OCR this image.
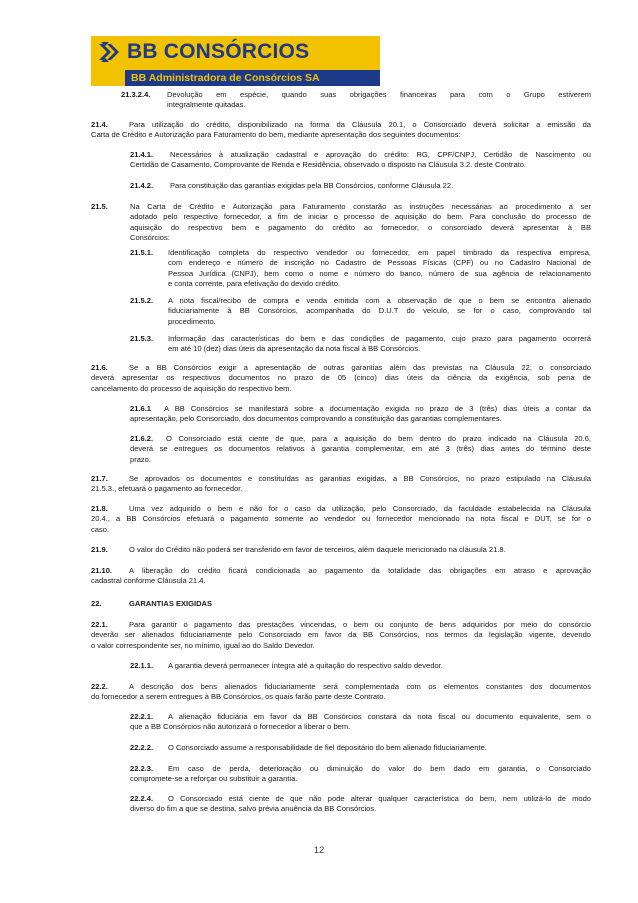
BB CONSÓRCIOS
BB Administradora de Consórcios SA
21.3.2.4. Devolução em espécie, quando suas obrigações financeiras para com o Grupo estiverem
integralmente quitadas.
21.4.	Para utilização do crédito, disponibilizado na forma da Cláusula 20.1, o Consorciado deverá solicitar a emissão da
Carta de Crédito e Autorização para Faturamento do bem, mediante apresentação dos seguintes documentos:
21.4.1. Necessários à atualização cadastral e aprovação do crédito: RG, CPF/CNPJ, Certidão de Nascimento ou
Certidão de Casamento, Comprovante de Renda e Residência, observado o disposto na Cláusula 3.2. deste Contrato.
21.4.2. Para constituição das garantias exigidas pela BB Consórcios, conforme Cláusula 22.
21.5.	Na Carta de Crédito e Autorização para Faturamento constarão as instruções necessárias ao procedimento a ser
adotado pelo respectivo fornecedor, a fim de iniciar o processo de aquisição do bem. Para conclusão do processo de
aquisição do respectivo bem e pagamento do crédito ao fornecedor, o consorciado deverá apresentar à BB
Consórcios:
21.5.1. Identificação completa do respectivo vendedor ou fornecedor, em papel timbrado da respectiva empresa,
com endereço e número de inscrição no Cadastro de Pessoas Físicas (CPF) ou no Cadastro Nacional de
Pessoa Jurídica (CNPJ), bem como o nome e número do banco, número de sua agência de relacionamento
e conta corrente, para efetivação do devido crédito.
21.5.2. A nota fiscal/recibo de compra e venda emitida com a observação de que o bem se encontra alienado
fiduciariamente à BB Consórcios, acompanhada do D.U.T do veículo, se for o caso, comprovando tal
procedimento.
21.5.3. Informação das características do bem e das condições de pagamento, cujo prazo para pagamento ocorrerá
em até 10 (dez) dias úteis da apresentação da nota fiscal à BB Consórcios.
21.6.	Se a BB Consórcios exigir a apresentação de outras garantias além das previstas na Cláusula 22, o consorciado
deverá apresentar os respectivos documentos no prazo de 05 (cinco) dias úteis da ciência da exigência, sob pena de
cancelamento do processo de aquisição do respectivo bem.
21.6.1 A BB Consórcios se manifestará sobre a documentação exigida no prazo de 3 (três) dias úteis a contar da
apresentação, pelo Consorciado, dos documentos comprovando a constituição das garantias complementares.
21.6.2. O Consorciado está ciente de que, para a aquisição do bem dentro do prazo indicado na Cláusula 20.6,
deverá se entregues os documentos relativos à garantia complementar, em até 3 (três) dias antes do término deste
prazo.
21.7.	Se aprovados os documentos e constituídas as garantias exigidas, a BB Consórcios, no prazo estipulado na Cláusula
21.5.3., efetuará o pagamento ao fornecedor.
21.8.	Uma vez adquirido o bem e não for o caso da utilização, pelo Consorciado, da faculdade estabelecida na Cláusula
20.4., a BB Consórcios efetuará o pagamento somente ao vendedor ou fornecedor mencionado na nota fiscal e DUT, se for o
caso.
21.9.	O valor do Crédito não poderá ser transferido em favor de terceiros, além daquele mencionado na cláusula 21.8.
21.10. A liberação do crédito ficará condicionada ao pagamento da totalidade das obrigações em atraso e aprovação
cadastral conforme Cláusula 21.4.
22.	GARANTIAS EXIGIDAS
22.1.	Para garantir o pagamento das prestações vincendas, o bem ou conjunto de bens adquiridos por meio do consórcio
deverão ser alienados fiduciariamente pelo Consorciado em favor da BB Consórcios, nos termos da legislação vigente, devendo
o valor correspondente ser, no mínimo, igual ao do Saldo Devedor.
22.1.1. A garantia deverá permanecer íntegra até a quitação do respectivo saldo devedor.
22.2.	A descrição dos bens alienados fiduciariamente será complementada com os elementos constantes dos documentos
do fornecedor a serem entregues à BB Consórcios, os quais farão parte deste Contrato.
22.2.1. A alienação fiduciária em favor da BB Consórcios constará da nota fiscal ou documento equivalente, sem o
que a BB Consórcios não autorizará o fornecedor a liberar o bem.
22.2.2. O Consorciado assume a responsabilidade de fiel depositário do bem alienado fiduciariamente.
22.2.3. Em caso de perda, deterioração ou diminuição do valor do bem dado em garantia, o Consorciado
compromete-se a reforçar ou substituir a garantia.
22.2.4. O Consorciado está ciente de que não pode alterar qualquer característica do bem, nem utilizá-lo de modo
diverso do fim a que se destina, salvo prévia anuência da BB Consórcios.
12
